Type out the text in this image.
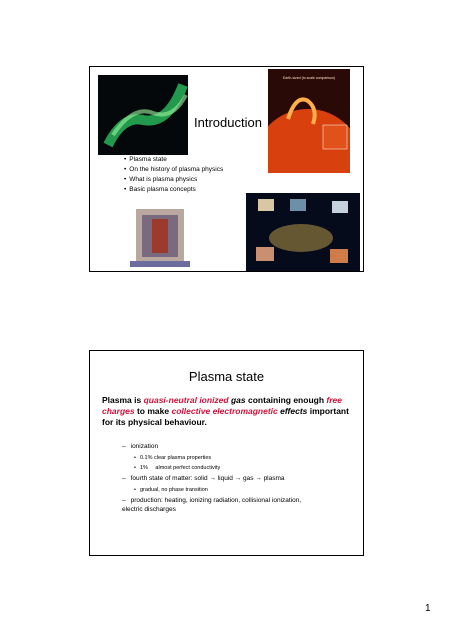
Introduction
Earth-sized (to scale comparison)
• Plasma state
• On the history of plasma physics
• What is plasma physics
• Basic plasma concepts
Plasma state
Plasma is quasi-neutral ionized gas containing enough free charges to make collective electromagnetic effects important for its physical behaviour.
– ionization
• 0.1% clear plasma properties
• 1% almost perfect conductivity
– fourth state of matter: solid → liquid → gas → plasma
• gradual, no phase transition
– production: heating, ionizing radiation, collisional ionization, electric discharges
1
